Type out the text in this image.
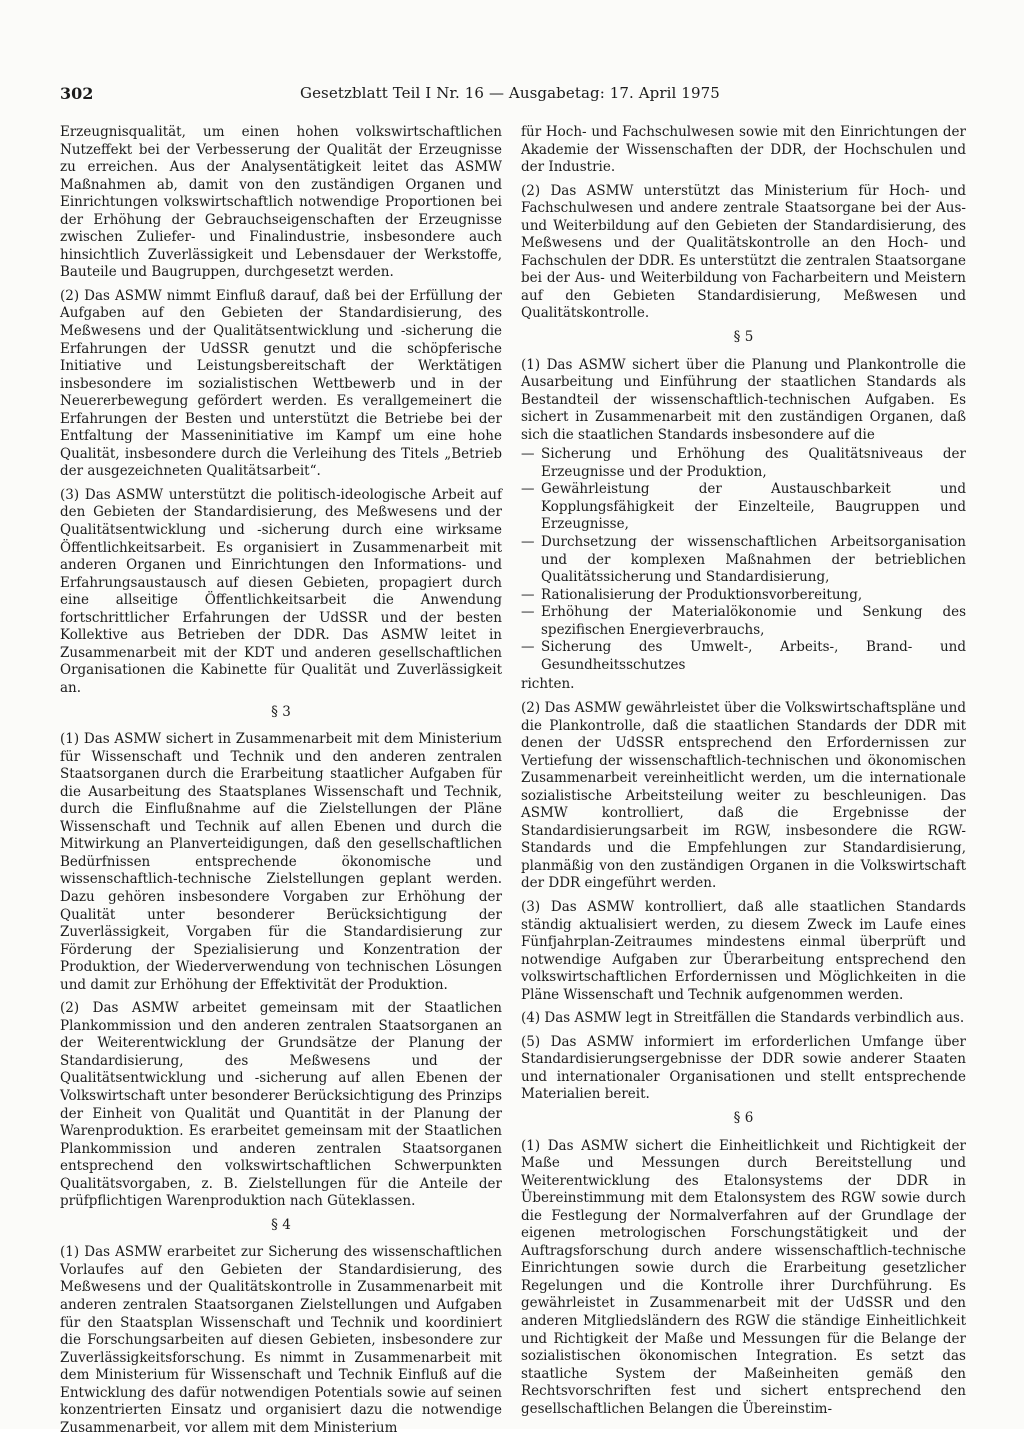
302	Gesetzblatt Teil I Nr. 16 — Ausgabetag: 17. April 1975

Erzeugnisqualität, um einen hohen volkswirtschaftlichen Nutzeffekt bei der Verbesserung der Qualität der Erzeugnisse zu erreichen. Aus der Analysentätigkeit leitet das ASMW Maßnahmen ab, damit von den zuständigen Organen und Einrichtungen volkswirtschaftlich notwendige Proportionen bei der Erhöhung der Gebrauchseigenschaften der Erzeugnisse zwischen Zuliefer- und Finalindustrie, insbesondere auch hinsichtlich Zuverlässigkeit und Lebensdauer der Werkstoffe, Bauteile und Baugruppen, durchgesetzt werden.

(2) Das ASMW nimmt Einfluß darauf, daß bei der Erfüllung der Aufgaben auf den Gebieten der Standardisierung, des Meßwesens und der Qualitätsentwicklung und -sicherung die Erfahrungen der UdSSR genutzt und die schöpferische Initiative und Leistungsbereitschaft der Werktätigen insbesondere im sozialistischen Wettbewerb und in der Neuererbewegung gefördert werden. Es verallgemeinert die Erfahrungen der Besten und unterstützt die Betriebe bei der Entfaltung der Masseninitiative im Kampf um eine hohe Qualität, insbesondere durch die Verleihung des Titels „Betrieb der ausgezeichneten Qualitätsarbeit“.

(3) Das ASMW unterstützt die politisch-ideologische Arbeit auf den Gebieten der Standardisierung, des Meßwesens und der Qualitätsentwicklung und -sicherung durch eine wirksame Öffentlichkeitsarbeit. Es organisiert in Zusammenarbeit mit anderen Organen und Einrichtungen den Informations- und Erfahrungsaustausch auf diesen Gebieten, propagiert durch eine allseitige Öffentlichkeitsarbeit die Anwendung fortschrittlicher Erfahrungen der UdSSR und der besten Kollektive aus Betrieben der DDR. Das ASMW leitet in Zusammenarbeit mit der KDT und anderen gesellschaftlichen Organisationen die Kabinette für Qualität und Zuverlässigkeit an.

§ 3

(1) Das ASMW sichert in Zusammenarbeit mit dem Ministerium für Wissenschaft und Technik und den anderen zentralen Staatsorganen durch die Erarbeitung staatlicher Aufgaben für die Ausarbeitung des Staatsplanes Wissenschaft und Technik, durch die Einflußnahme auf die Zielstellungen der Pläne Wissenschaft und Technik auf allen Ebenen und durch die Mitwirkung an Planverteidigungen, daß den gesellschaftlichen Bedürfnissen entsprechende ökonomische und wissenschaftlich-technische Zielstellungen geplant werden. Dazu gehören insbesondere Vorgaben zur Erhöhung der Qualität unter besonderer Berücksichtigung der Zuverlässigkeit, Vorgaben für die Standardisierung zur Förderung der Spezialisierung und Konzentration der Produktion, der Wiederverwendung von technischen Lösungen und damit zur Erhöhung der Effektivität der Produktion.

(2) Das ASMW arbeitet gemeinsam mit der Staatlichen Plankommission und den anderen zentralen Staatsorganen an der Weiterentwicklung der Grundsätze der Planung der Standardisierung, des Meßwesens und der Qualitätsentwicklung und -sicherung auf allen Ebenen der Volkswirtschaft unter besonderer Berücksichtigung des Prinzips der Einheit von Qualität und Quantität in der Planung der Warenproduktion. Es erarbeitet gemeinsam mit der Staatlichen Plankommission und anderen zentralen Staatsorganen entsprechend den volkswirtschaftlichen Schwerpunkten Qualitätsvorgaben, z. B. Zielstellungen für die Anteile der prüfpflichtigen Warenproduktion nach Güteklassen.

§ 4

(1) Das ASMW erarbeitet zur Sicherung des wissenschaftlichen Vorlaufes auf den Gebieten der Standardisierung, des Meßwesens und der Qualitätskontrolle in Zusammenarbeit mit anderen zentralen Staatsorganen Zielstellungen und Aufgaben für den Staatsplan Wissenschaft und Technik und koordiniert die Forschungsarbeiten auf diesen Gebieten, insbesondere zur Zuverlässigkeitsforschung. Es nimmt in Zusammenarbeit mit dem Ministerium für Wissenschaft und Technik Einfluß auf die Entwicklung des dafür notwendigen Potentials sowie auf seinen konzentrierten Einsatz und organisiert dazu die notwendige Zusammenarbeit, vor allem mit dem Ministerium

für Hoch- und Fachschulwesen sowie mit den Einrichtungen der Akademie der Wissenschaften der DDR, der Hochschulen und der Industrie.

(2) Das ASMW unterstützt das Ministerium für Hoch- und Fachschulwesen und andere zentrale Staatsorgane bei der Aus- und Weiterbildung auf den Gebieten der Standardisierung, des Meßwesens und der Qualitätskontrolle an den Hoch- und Fachschulen der DDR. Es unterstützt die zentralen Staatsorgane bei der Aus- und Weiterbildung von Facharbeitern und Meistern auf den Gebieten Standardisierung, Meßwesen und Qualitätskontrolle.

§ 5

(1) Das ASMW sichert über die Planung und Plankontrolle die Ausarbeitung und Einführung der staatlichen Standards als Bestandteil der wissenschaftlich-technischen Aufgaben. Es sichert in Zusammenarbeit mit den zuständigen Organen, daß sich die staatlichen Standards insbesondere auf die

— Sicherung und Erhöhung des Qualitätsniveaus der Erzeugnisse und der Produktion,
— Gewährleistung der Austauschbarkeit und Kopplungsfähigkeit der Einzelteile, Baugruppen und Erzeugnisse,
— Durchsetzung der wissenschaftlichen Arbeitsorganisation und der komplexen Maßnahmen der betrieblichen Qualitätssicherung und Standardisierung,
— Rationalisierung der Produktionsvorbereitung,
— Erhöhung der Materialökonomie und Senkung des spezifischen Energieverbrauchs,
— Sicherung des Umwelt-, Arbeits-, Brand- und Gesundheitsschutzes
richten.

(2) Das ASMW gewährleistet über die Volkswirtschaftspläne und die Plankontrolle, daß die staatlichen Standards der DDR mit denen der UdSSR entsprechend den Erfordernissen zur Vertiefung der wissenschaftlich-technischen und ökonomischen Zusammenarbeit vereinheitlicht werden, um die internationale sozialistische Arbeitsteilung weiter zu beschleunigen. Das ASMW kontrolliert, daß die Ergebnisse der Standardisierungsarbeit im RGW, insbesondere die RGW-Standards und die Empfehlungen zur Standardisierung, planmäßig von den zuständigen Organen in die Volkswirtschaft der DDR eingeführt werden.

(3) Das ASMW kontrolliert, daß alle staatlichen Standards ständig aktualisiert werden, zu diesem Zweck im Laufe eines Fünfjahrplan-Zeitraumes mindestens einmal überprüft und notwendige Aufgaben zur Überarbeitung entsprechend den volkswirtschaftlichen Erfordernissen und Möglichkeiten in die Pläne Wissenschaft und Technik aufgenommen werden.

(4) Das ASMW legt in Streitfällen die Standards verbindlich aus.

(5) Das ASMW informiert im erforderlichen Umfange über Standardisierungsergebnisse der DDR sowie anderer Staaten und internationaler Organisationen und stellt entsprechende Materialien bereit.

§ 6

(1) Das ASMW sichert die Einheitlichkeit und Richtigkeit der Maße und Messungen durch Bereitstellung und Weiterentwicklung des Etalonsystems der DDR in Übereinstimmung mit dem Etalonsystem des RGW sowie durch die Festlegung der Normalverfahren auf der Grundlage der eigenen metrologischen Forschungstätigkeit und der Auftragsforschung durch andere wissenschaftlich-technische Einrichtungen sowie durch die Erarbeitung gesetzlicher Regelungen und die Kontrolle ihrer Durchführung. Es gewährleistet in Zusammenarbeit mit der UdSSR und den anderen Mitgliedsländern des RGW die ständige Einheitlichkeit und Richtigkeit der Maße und Messungen für die Belange der sozialistischen ökonomischen Integration. Es setzt das staatliche System der Maßeinheiten gemäß den Rechtsvorschriften fest und sichert entsprechend den gesellschaftlichen Belangen die Übereinstim-
